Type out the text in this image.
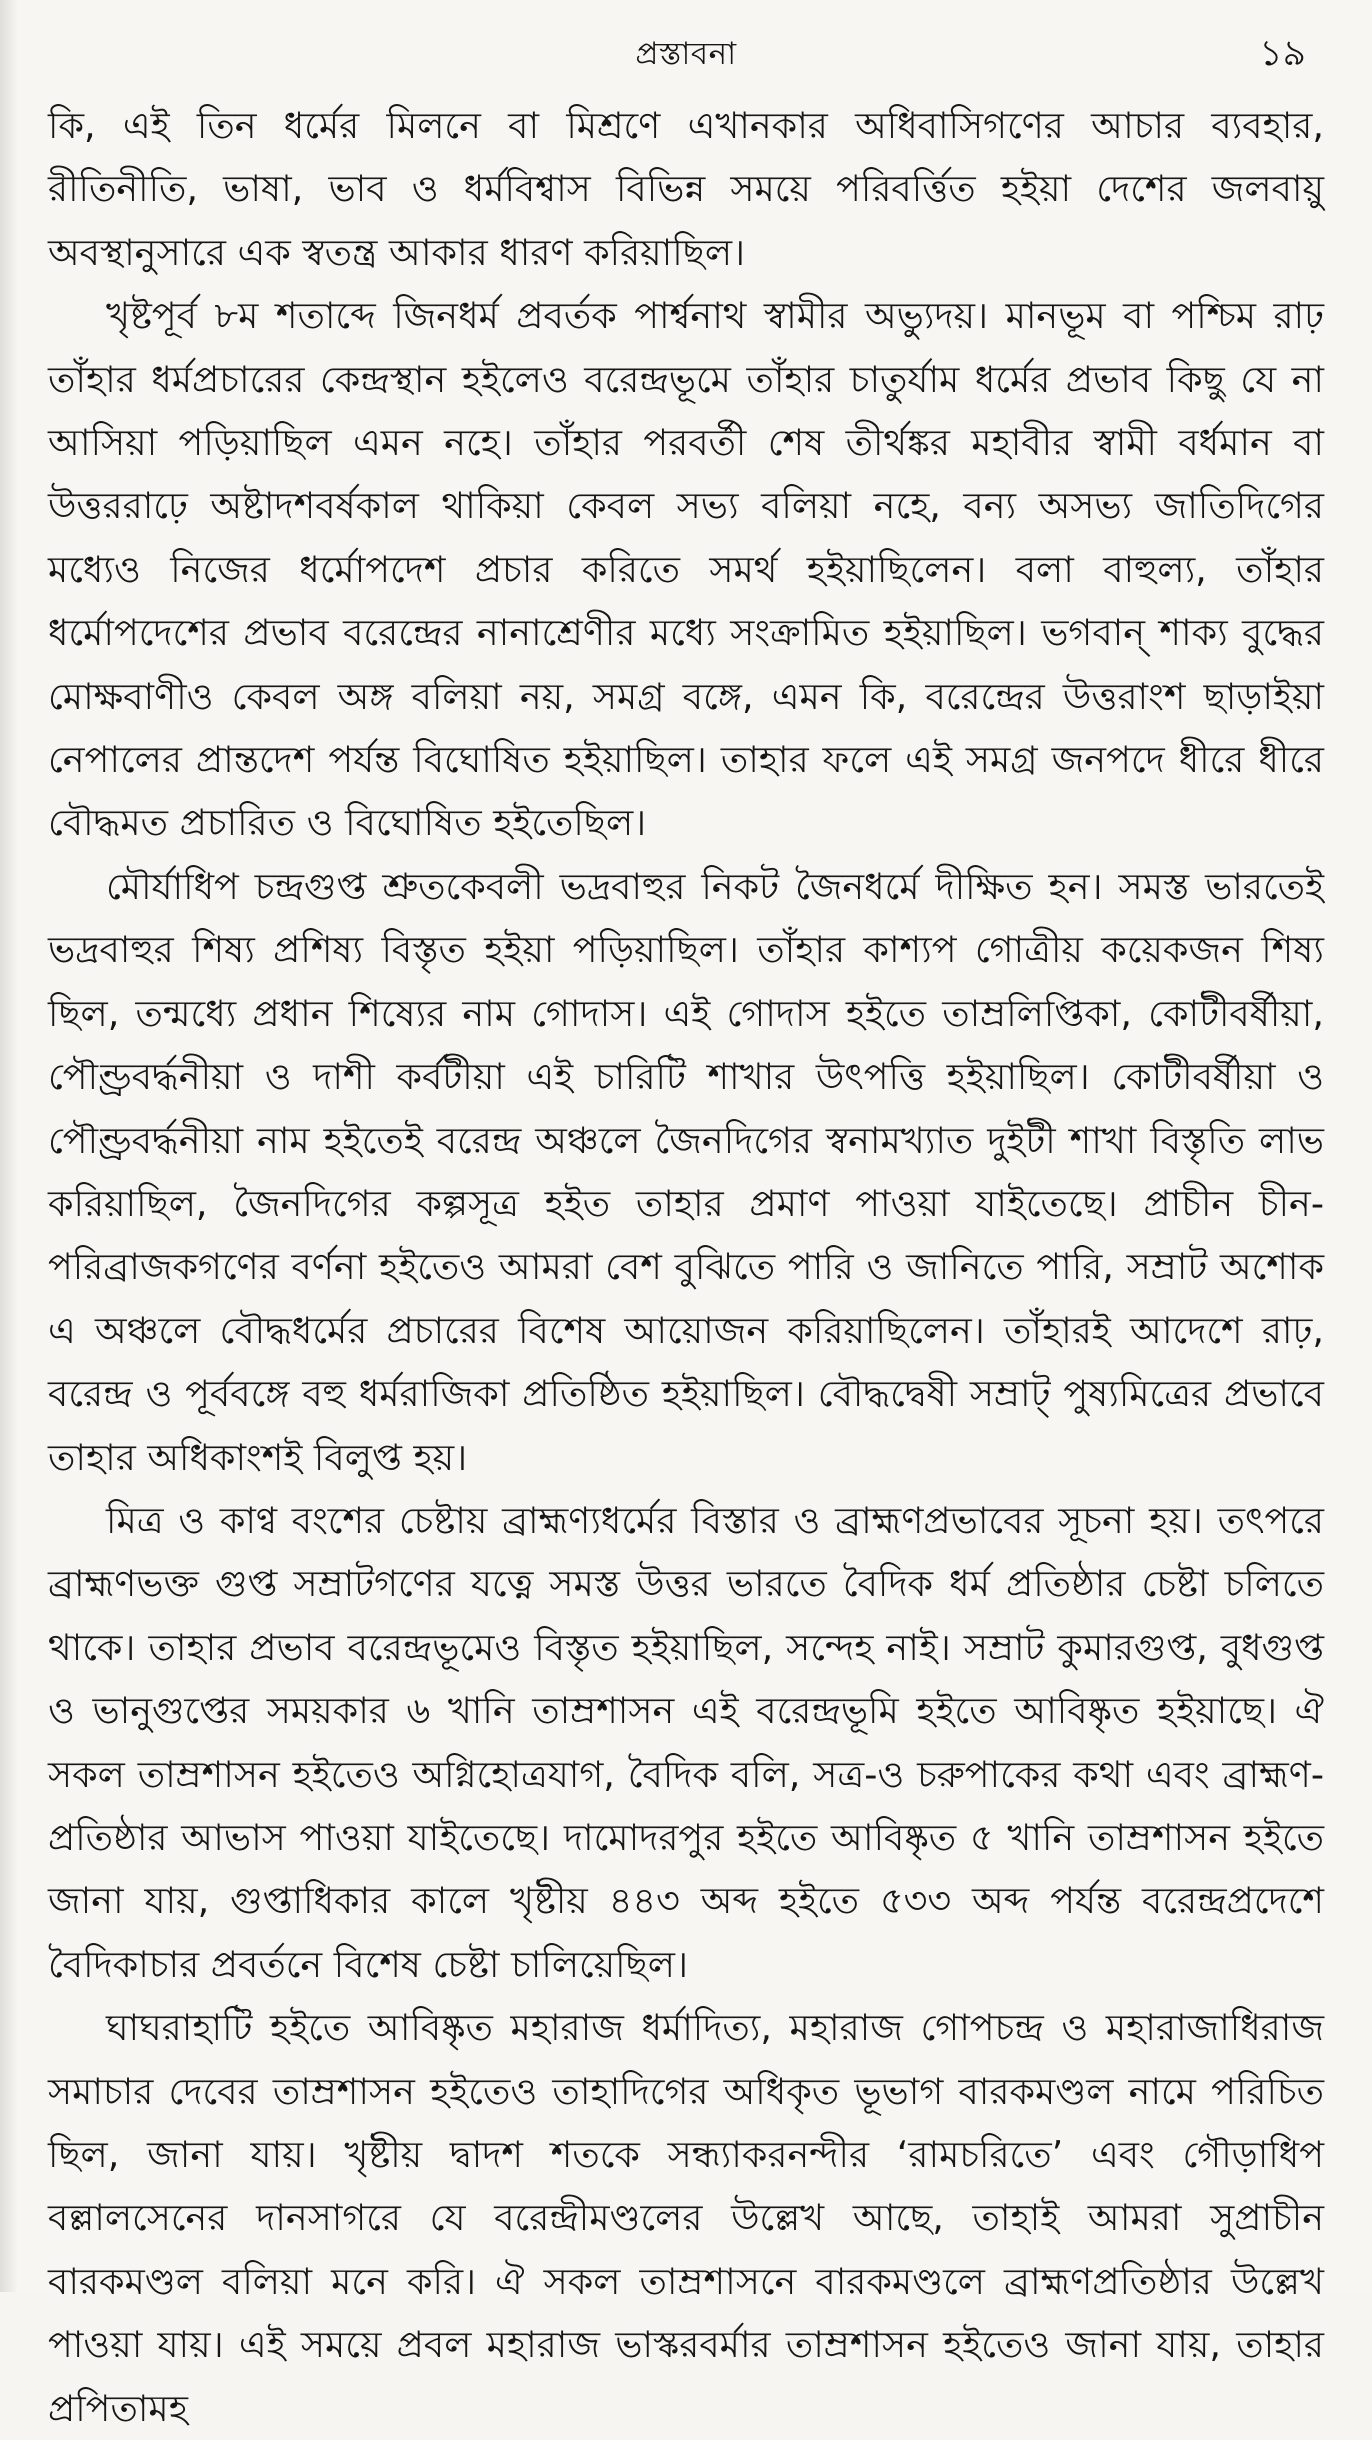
প্রস্তাবনা	১৯

কি, এই তিন ধর্মের মিলনে বা মিশ্রণে এখানকার অধিবাসিগণের আচার ব্যবহার, রীতিনীতি, ভাষা, ভাব ও ধর্মবিশ্বাস বিভিন্ন সময়ে পরিবর্ত্তিত হইয়া দেশের জলবায়ু অবস্থানুসারে এক স্বতন্ত্র আকার ধারণ করিয়াছিল।

খৃষ্টপূর্ব ৮ম শতাব্দে জিনধর্ম প্রবর্তক পার্শ্বনাথ স্বামীর অভ্যুদয়। মানভূম বা পশ্চিম রাঢ় তাঁহার ধর্মপ্রচারের কেন্দ্রস্থান হইলেও বরেন্দ্রভূমে তাঁহার চাতুর্যাম ধর্মের প্রভাব কিছু যে না আসিয়া পড়িয়াছিল এমন নহে। তাঁহার পরবর্তী শেষ তীর্থঙ্কর মহাবীর স্বামী বর্ধমান বা উত্তররাঢ়ে অষ্টাদশবর্ষকাল থাকিয়া কেবল সভ্য বলিয়া নহে, বন্য অসভ্য জাতিদিগের মধ্যেও নিজের ধর্মোপদেশ প্রচার করিতে সমর্থ হইয়াছিলেন। বলা বাহুল্য, তাঁহার ধর্মোপদেশের প্রভাব বরেন্দ্রের নানাশ্রেণীর মধ্যে সংক্রামিত হইয়াছিল। ভগবান্ শাক্য বুদ্ধের মোক্ষবাণীও কেবল অঙ্গ বলিয়া নয়, সমগ্র বঙ্গে, এমন কি, বরেন্দ্রের উত্তরাংশ ছাড়াইয়া নেপালের প্রান্তদেশ পর্যন্ত বিঘোষিত হইয়াছিল। তাহার ফলে এই সমগ্র জনপদে ধীরে ধীরে বৌদ্ধমত প্রচারিত ও বিঘোষিত হইতেছিল।

মৌর্যাধিপ চন্দ্রগুপ্ত শ্রুতকেবলী ভদ্রবাহুর নিকট জৈনধর্মে দীক্ষিত হন। সমস্ত ভারতেই ভদ্রবাহুর শিষ্য প্রশিষ্য বিস্তৃত হইয়া পড়িয়াছিল। তাঁহার কাশ্যপ গোত্রীয় কয়েকজন শিষ্য ছিল, তন্মধ্যে প্রধান শিষ্যের নাম গোদাস। এই গোদাস হইতে তাম্রলিপ্তিকা, কোটীবর্ষীয়া, পৌণ্ড্রবর্দ্ধনীয়া ও দাশী কর্বটীয়া এই চারিটি শাখার উৎপত্তি হইয়াছিল। কোটীবর্ষীয়া ও পৌণ্ড্রবর্দ্ধনীয়া নাম হইতেই বরেন্দ্র অঞ্চলে জৈনদিগের স্বনামখ্যাত দুইটী শাখা বিস্তৃতি লাভ করিয়াছিল, জৈনদিগের কল্পসূত্র হইত তাহার প্রমাণ পাওয়া যাইতেছে। প্রাচীন চীন-পরিব্রাজকগণের বর্ণনা হইতেও আমরা বেশ বুঝিতে পারি ও জানিতে পারি, সম্রাট অশোক এ অঞ্চলে বৌদ্ধধর্মের প্রচারের বিশেষ আয়োজন করিয়াছিলেন। তাঁহারই আদেশে রাঢ়, বরেন্দ্র ও পূর্ববঙ্গে বহু ধর্মরাজিকা প্রতিষ্ঠিত হইয়াছিল। বৌদ্ধদ্বেষী সম্রাট্ পুষ্যমিত্রের প্রভাবে তাহার অধিকাংশই বিলুপ্ত হয়।

মিত্র ও কাণ্ব বংশের চেষ্টায় ব্রাহ্মণ্যধর্মের বিস্তার ও ব্রাহ্মণপ্রভাবের সূচনা হয়। তৎপরে ব্রাহ্মণভক্ত গুপ্ত সম্রাটগণের যত্নে সমস্ত উত্তর ভারতে বৈদিক ধর্ম প্রতিষ্ঠার চেষ্টা চলিতে থাকে। তাহার প্রভাব বরেন্দ্রভূমেও বিস্তৃত হইয়াছিল, সন্দেহ নাই। সম্রাট কুমারগুপ্ত, বুধগুপ্ত ও ভানুগুপ্তের সময়কার ৬ খানি তাম্রশাসন এই বরেন্দ্রভূমি হইতে আবিষ্কৃত হইয়াছে। ঐ সকল তাম্রশাসন হইতেও অগ্নিহোত্রযাগ, বৈদিক বলি, সত্র-ও চরুপাকের কথা এবং ব্রাহ্মণ-প্রতিষ্ঠার আভাস পাওয়া যাইতেছে। দামোদরপুর হইতে আবিষ্কৃত ৫ খানি তাম্রশাসন হইতে জানা যায়, গুপ্তাধিকার কালে খৃষ্টীয় ৪৪৩ অব্দ হইতে ৫৩৩ অব্দ পর্যন্ত বরেন্দ্রপ্রদেশে বৈদিকাচার প্রবর্তনে বিশেষ চেষ্টা চালিয়েছিল।

ঘাঘরাহাটি হইতে আবিষ্কৃত মহারাজ ধর্মাদিত্য, মহারাজ গোপচন্দ্র ও মহারাজাধিরাজ সমাচার দেবের তাম্রশাসন হইতেও তাহাদিগের অধিকৃত ভূভাগ বারকমণ্ডল নামে পরিচিত ছিল, জানা যায়। খৃষ্টীয় দ্বাদশ শতকে সন্ধ্যাকরনন্দীর ‘রামচরিতে’ এবং গৌড়াধিপ বল্লালসেনের দানসাগরে যে বরেন্দ্রীমণ্ডলের উল্লেখ আছে, তাহাই আমরা সুপ্রাচীন বারকমণ্ডল বলিয়া মনে করি। ঐ সকল তাম্রশাসনে বারকমণ্ডলে ব্রাহ্মণপ্রতিষ্ঠার উল্লেখ পাওয়া যায়। এই সময়ে প্রবল মহারাজ ভাস্করবর্মার তাম্রশাসন হইতেও জানা যায়, তাহার প্রপিতামহ
